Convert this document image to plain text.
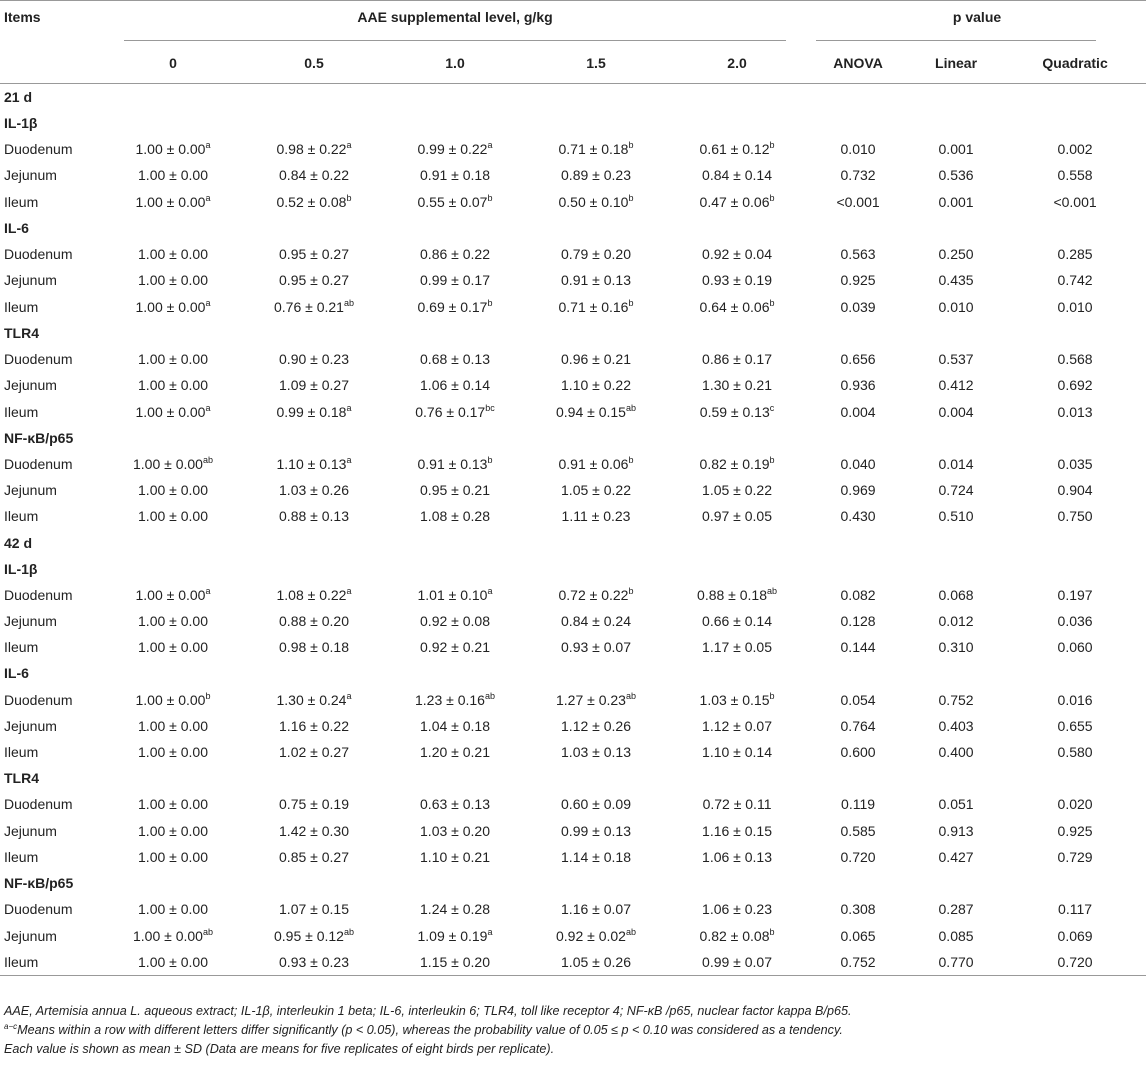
Items	AAE supplemental level, g/kg					p value		
	0	0.5	1.0	1.5	2.0	ANOVA	Linear	Quadratic
21 d								
IL-1β								
Duodenum	1.00 ± 0.00$^a$	0.98 ± 0.22$^a$	0.99 ± 0.22$^a$	0.71 ± 0.18$^b$	0.61 ± 0.12$^b$	0.010	0.001	0.002
Jejunum	1.00 ± 0.00	0.84 ± 0.22	0.91 ± 0.18	0.89 ± 0.23	0.84 ± 0.14	0.732	0.536	0.558
Ileum	1.00 ± 0.00$^a$	0.52 ± 0.08$^b$	0.55 ± 0.07$^b$	0.50 ± 0.10$^b$	0.47 ± 0.06$^b$	<0.001	0.001	<0.001
IL-6								
Duodenum	1.00 ± 0.00	0.95 ± 0.27	0.86 ± 0.22	0.79 ± 0.20	0.92 ± 0.04	0.563	0.250	0.285
Jejunum	1.00 ± 0.00	0.95 ± 0.27	0.99 ± 0.17	0.91 ± 0.13	0.93 ± 0.19	0.925	0.435	0.742
Ileum	1.00 ± 0.00$^a$	0.76 ± 0.21$^{ab}$	0.69 ± 0.17$^b$	0.71 ± 0.16$^b$	0.64 ± 0.06$^b$	0.039	0.010	0.010
TLR4								
Duodenum	1.00 ± 0.00	0.90 ± 0.23	0.68 ± 0.13	0.96 ± 0.21	0.86 ± 0.17	0.656	0.537	0.568
Jejunum	1.00 ± 0.00	1.09 ± 0.27	1.06 ± 0.14	1.10 ± 0.22	1.30 ± 0.21	0.936	0.412	0.692
Ileum	1.00 ± 0.00$^a$	0.99 ± 0.18$^a$	0.76 ± 0.17$^{bc}$	0.94 ± 0.15$^{ab}$	0.59 ± 0.13$^c$	0.004	0.004	0.013
NF-κB/p65								
Duodenum	1.00 ± 0.00$^{ab}$	1.10 ± 0.13$^a$	0.91 ± 0.13$^b$	0.91 ± 0.06$^b$	0.82 ± 0.19$^b$	0.040	0.014	0.035
Jejunum	1.00 ± 0.00	1.03 ± 0.26	0.95 ± 0.21	1.05 ± 0.22	1.05 ± 0.22	0.969	0.724	0.904
Ileum	1.00 ± 0.00	0.88 ± 0.13	1.08 ± 0.28	1.11 ± 0.23	0.97 ± 0.05	0.430	0.510	0.750
42 d								
IL-1β								
Duodenum	1.00 ± 0.00$^a$	1.08 ± 0.22$^a$	1.01 ± 0.10$^a$	0.72 ± 0.22$^b$	0.88 ± 0.18$^{ab}$	0.082	0.068	0.197
Jejunum	1.00 ± 0.00	0.88 ± 0.20	0.92 ± 0.08	0.84 ± 0.24	0.66 ± 0.14	0.128	0.012	0.036
Ileum	1.00 ± 0.00	0.98 ± 0.18	0.92 ± 0.21	0.93 ± 0.07	1.17 ± 0.05	0.144	0.310	0.060
IL-6								
Duodenum	1.00 ± 0.00$^b$	1.30 ± 0.24$^a$	1.23 ± 0.16$^{ab}$	1.27 ± 0.23$^{ab}$	1.03 ± 0.15$^b$	0.054	0.752	0.016
Jejunum	1.00 ± 0.00	1.16 ± 0.22	1.04 ± 0.18	1.12 ± 0.26	1.12 ± 0.07	0.764	0.403	0.655
Ileum	1.00 ± 0.00	1.02 ± 0.27	1.20 ± 0.21	1.03 ± 0.13	1.10 ± 0.14	0.600	0.400	0.580
TLR4								
Duodenum	1.00 ± 0.00	0.75 ± 0.19	0.63 ± 0.13	0.60 ± 0.09	0.72 ± 0.11	0.119	0.051	0.020
Jejunum	1.00 ± 0.00	1.42 ± 0.30	1.03 ± 0.20	0.99 ± 0.13	1.16 ± 0.15	0.585	0.913	0.925
Ileum	1.00 ± 0.00	0.85 ± 0.27	1.10 ± 0.21	1.14 ± 0.18	1.06 ± 0.13	0.720	0.427	0.729
NF-κB/p65								
Duodenum	1.00 ± 0.00	1.07 ± 0.15	1.24 ± 0.28	1.16 ± 0.07	1.06 ± 0.23	0.308	0.287	0.117
Jejunum	1.00 ± 0.00$^{ab}$	0.95 ± 0.12$^{ab}$	1.09 ± 0.19$^a$	0.92 ± 0.02$^{ab}$	0.82 ± 0.08$^b$	0.065	0.085	0.069
Ileum	1.00 ± 0.00	0.93 ± 0.23	1.15 ± 0.20	1.05 ± 0.26	0.99 ± 0.07	0.752	0.770	0.720
AAE, Artemisia annua L. aqueous extract; IL-1β, interleukin 1 beta; IL-6, interleukin 6; TLR4, toll like receptor 4; NF-κB /p65, nuclear factor kappa B/p65.
$^{a-c}$Means within a row with different letters differ significantly (p < 0.05), whereas the probability value of 0.05 ≤ p < 0.10 was considered as a tendency.
Each value is shown as mean ± SD (Data are means for five replicates of eight birds per replicate).
